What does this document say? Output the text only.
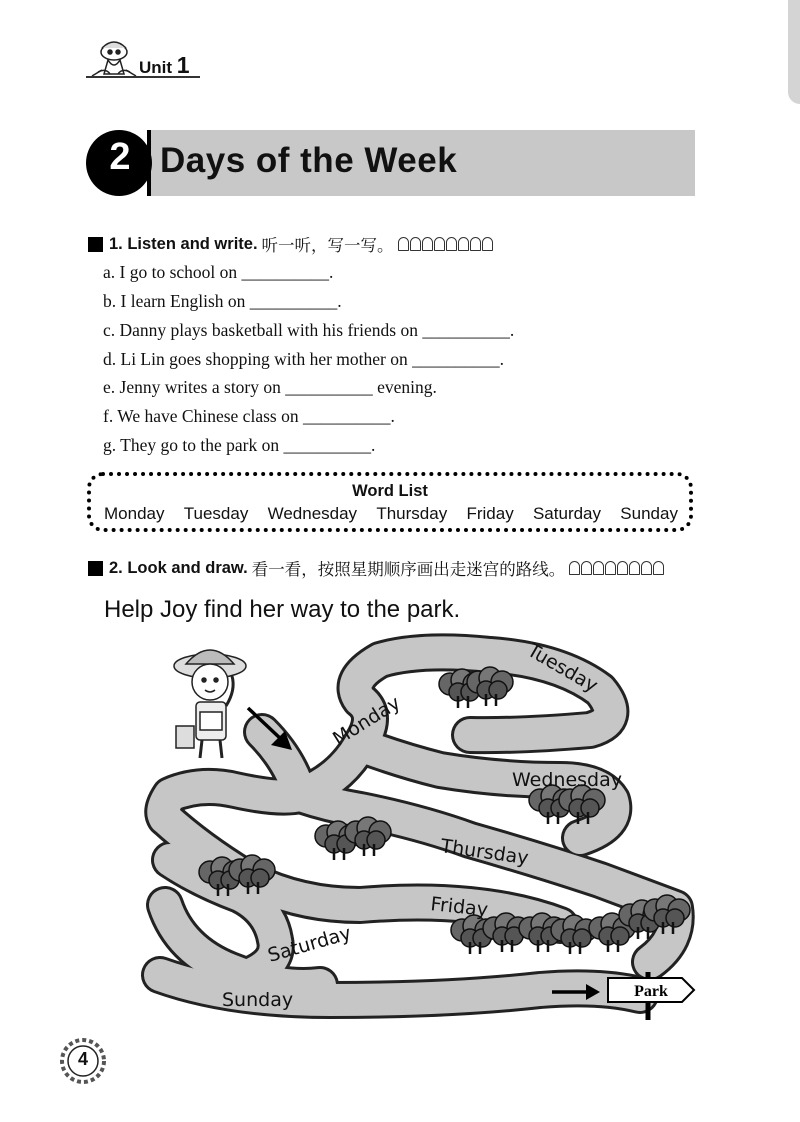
Unit 1
2 Days of the Week
1. Listen and write. 听一听，写一写。
a. I go to school on __________.
b. I learn English on __________.
c. Danny plays basketball with his friends on __________.
d. Li Lin goes shopping with her mother on __________.
e. Jenny writes a story on __________ evening.
f. We have Chinese class on __________.
g. They go to the park on __________.
Word List
Monday Tuesday Wednesday Thursday Friday Saturday Sunday
2. Look and draw. 看一看，按照星期顺序画出走迷宫的路线。
Help Joy find her way to the park.
Park
Monday
Tuesday
Wednesday
Thursday
Friday
Saturday
Sunday
4
